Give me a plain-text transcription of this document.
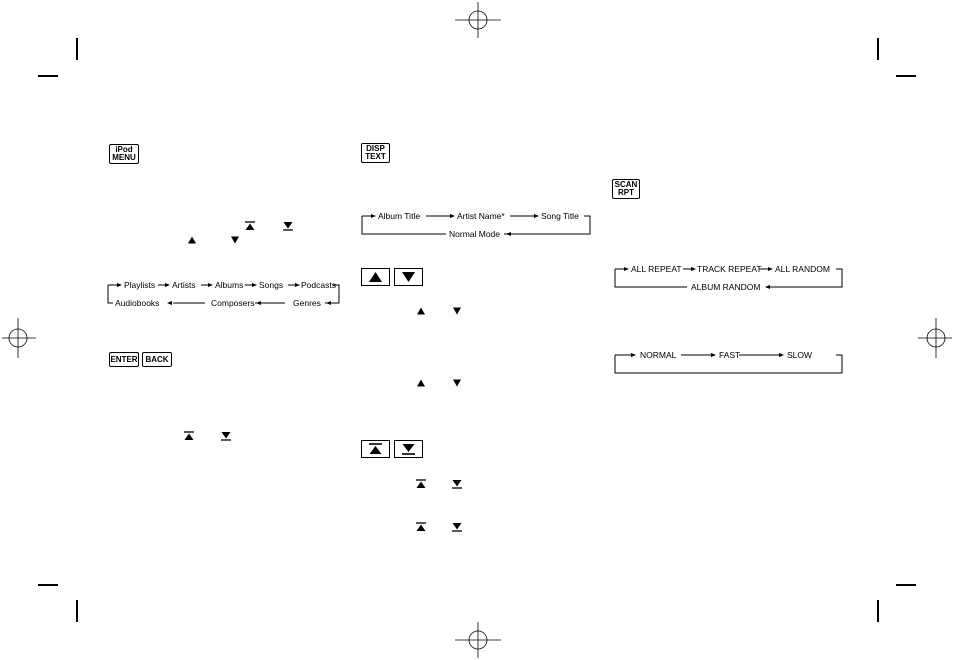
iPod
MENU
Playlists Artists Albums Songs Podcasts
Audiobooks	Composers	Genres
ENTER BACK
DISP
TEXT
Album Title	Artist Name*	Song Title
Normal Mode
SCAN
RPT
ALL REPEAT TRACK REPEAT ALL RANDOM
ALBUM RANDOM
NORMAL	FAST	SLOW
